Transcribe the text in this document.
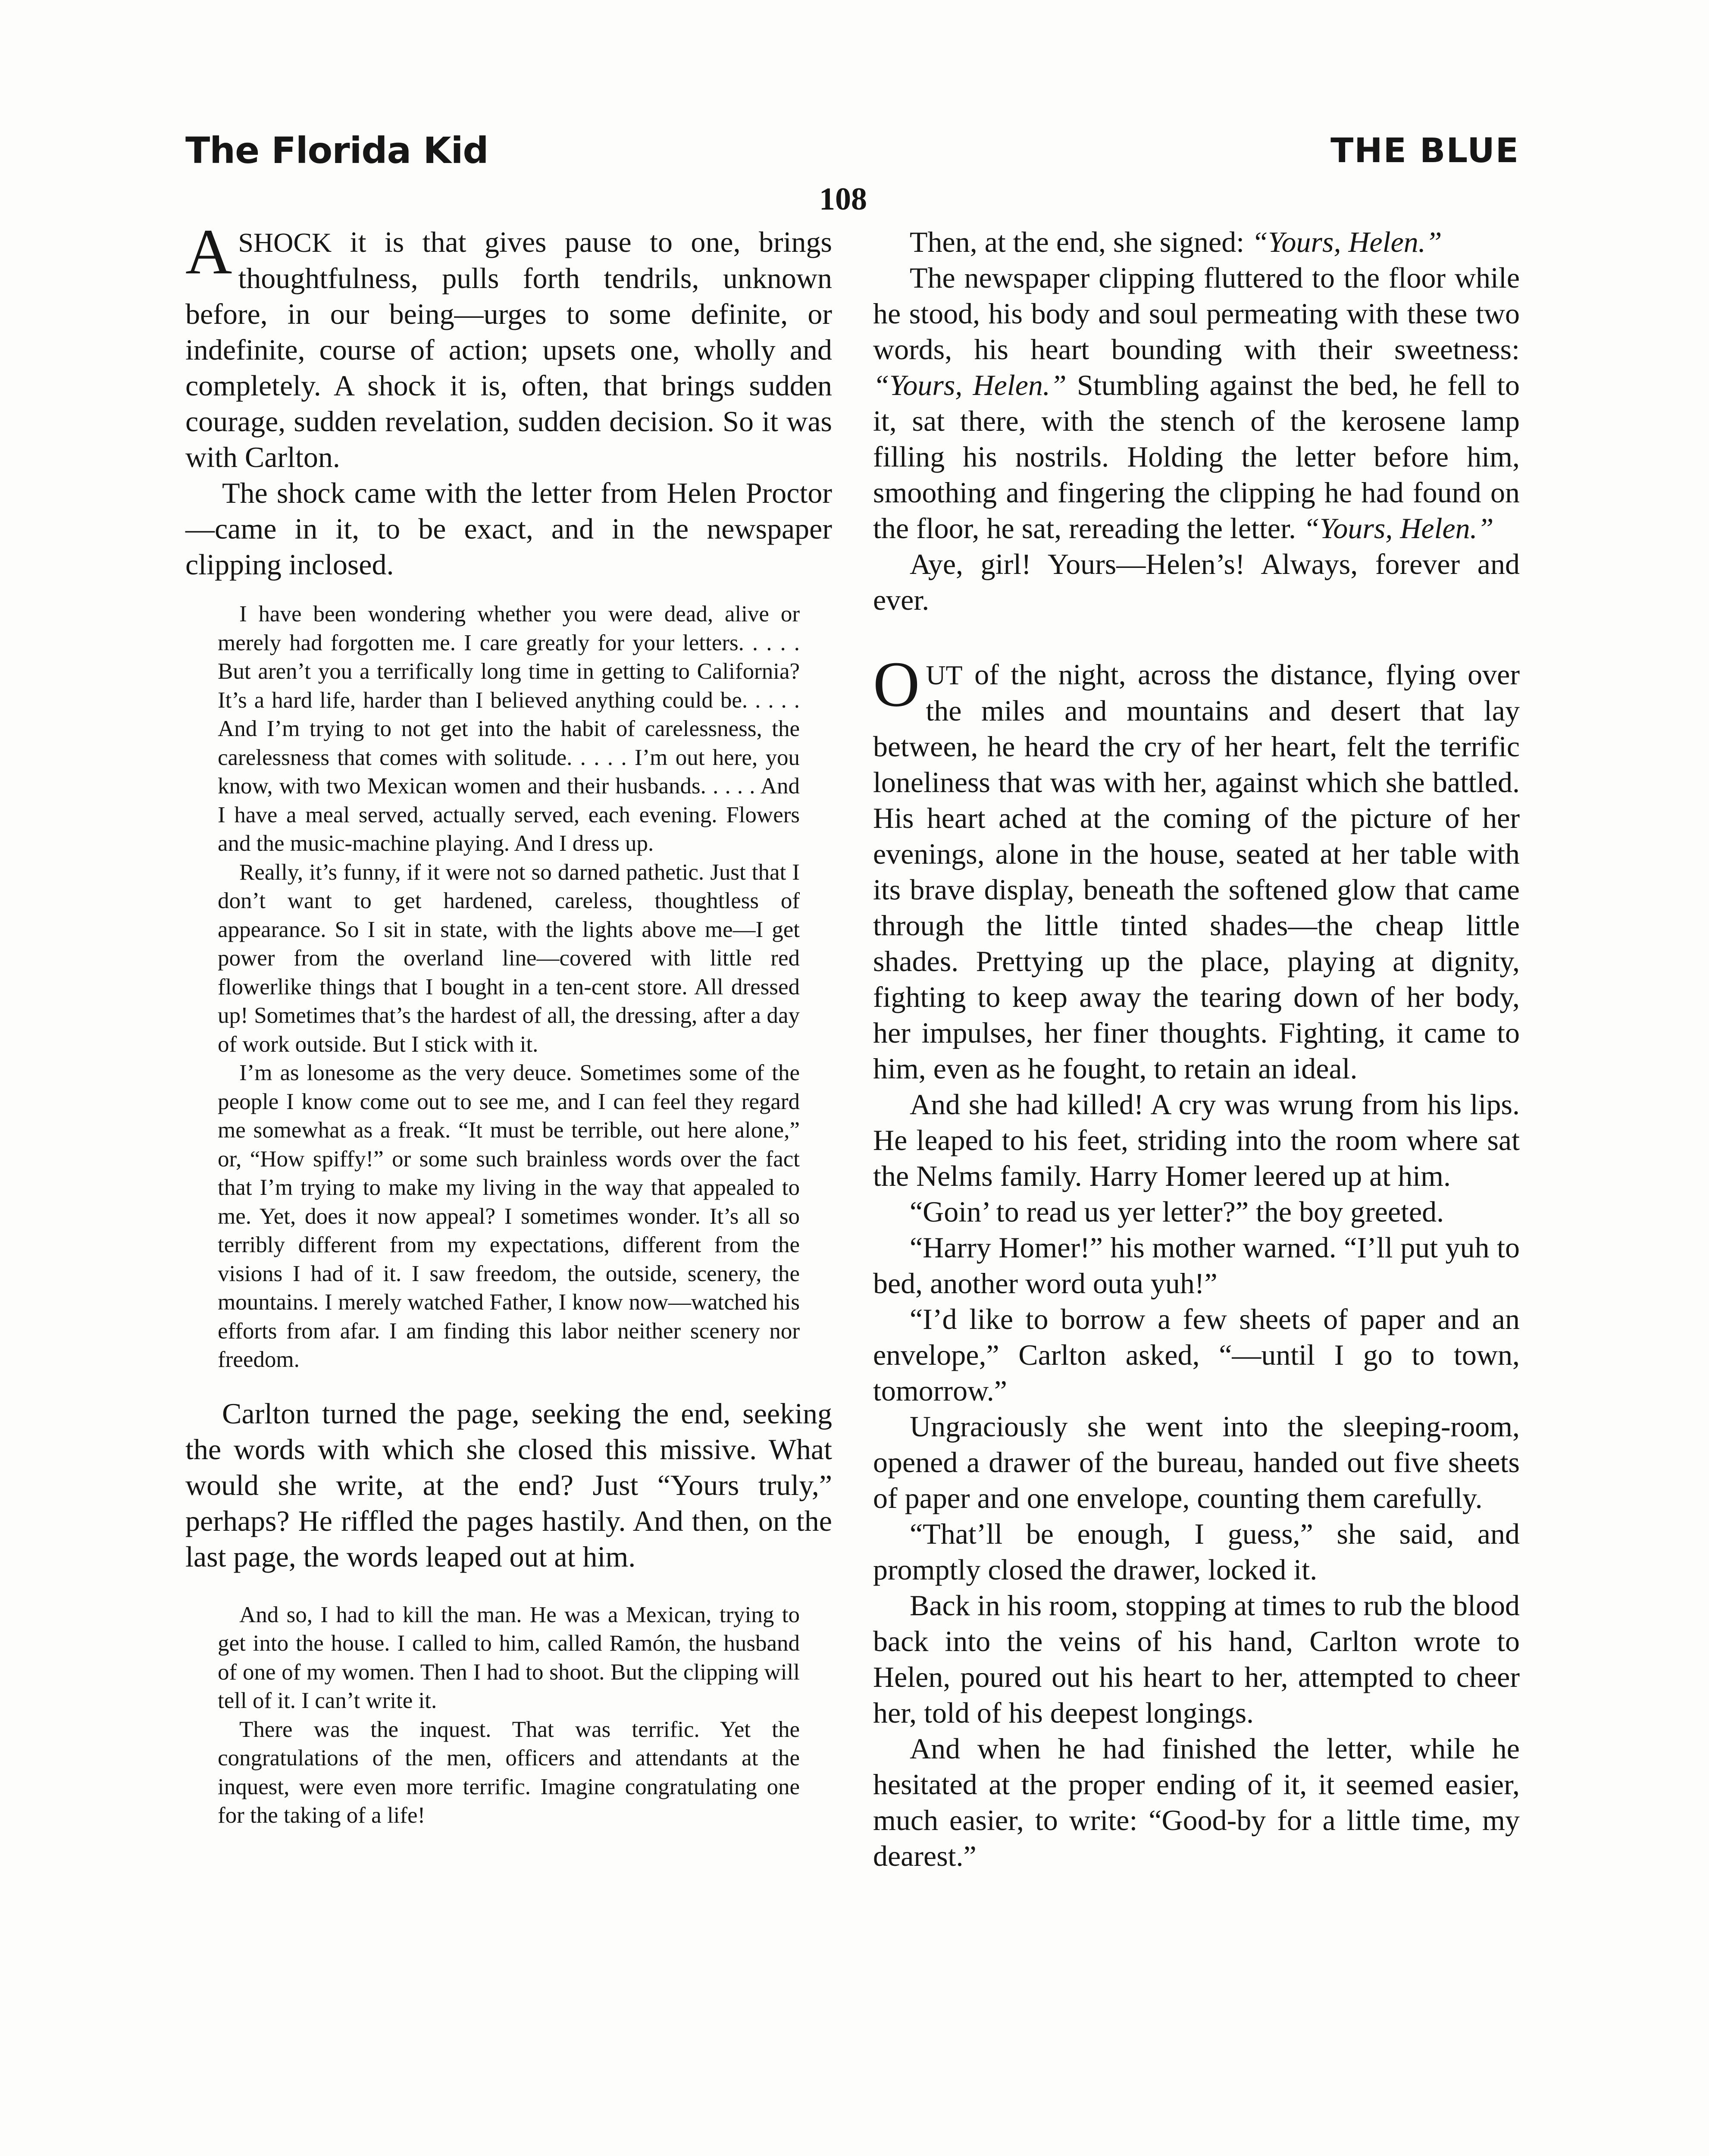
The Florida Kid	THE BLUE
108

A SHOCK it is that gives pause to one, brings thoughtfulness, pulls forth tendrils, unknown before, in our being—urges to some definite, or indefinite, course of action; upsets one, wholly and completely. A shock it is, often, that brings sudden courage, sudden revelation, sudden decision. So it was with Carlton.

The shock came with the letter from Helen Proctor—came in it, to be exact, and in the newspaper clipping inclosed.

I have been wondering whether you were dead, alive or merely had forgotten me. I care greatly for your letters. . . . . But aren’t you a terrifically long time in getting to California? It’s a hard life, harder than I believed anything could be. . . . . And I’m trying to not get into the habit of carelessness, the carelessness that comes with solitude. . . . . I’m out here, you know, with two Mexican women and their husbands. . . . . And I have a meal served, actually served, each evening. Flowers and the music-machine playing. And I dress up.
Really, it’s funny, if it were not so darned pathetic. Just that I don’t want to get hardened, careless, thoughtless of appearance. So I sit in state, with the lights above me—I get power from the overland line—covered with little red flowerlike things that I bought in a ten-cent store. All dressed up! Sometimes that’s the hardest of all, the dressing, after a day of work outside. But I stick with it.
I’m as lonesome as the very deuce. Sometimes some of the people I know come out to see me, and I can feel they regard me somewhat as a freak. “It must be terrible, out here alone,” or, “How spiffy!” or some such brainless words over the fact that I’m trying to make my living in the way that appealed to me. Yet, does it now appeal? I sometimes wonder. It’s all so terribly different from my expectations, different from the visions I had of it. I saw freedom, the outside, scenery, the mountains. I merely watched Father, I know now—watched his efforts from afar. I am finding this labor neither scenery nor freedom.

Carlton turned the page, seeking the end, seeking the words with which she closed this missive. What would she write, at the end? Just “Yours truly,” perhaps? He riffled the pages hastily. And then, on the last page, the words leaped out at him.

And so, I had to kill the man. He was a Mexican, trying to get into the house. I called to him, called Ramón, the husband of one of my women. Then I had to shoot. But the clipping will tell of it. I can’t write it.
There was the inquest. That was terrific. Yet the congratulations of the men, officers and attendants at the inquest, were even more terrific. Imagine congratulating one for the taking of a life!

Then, at the end, she signed: “Yours, Helen.”

The newspaper clipping fluttered to the floor while he stood, his body and soul permeating with these two words, his heart bounding with their sweetness: “Yours, Helen.” Stumbling against the bed, he fell to it, sat there, with the stench of the kerosene lamp filling his nostrils. Holding the letter before him, smoothing and fingering the clipping he had found on the floor, he sat, rereading the letter. “Yours, Helen.”

Aye, girl! Yours—Helen’s! Always, forever and ever.

OUT of the night, across the distance, flying over the miles and mountains and desert that lay between, he heard the cry of her heart, felt the terrific loneliness that was with her, against which she battled. His heart ached at the coming of the picture of her evenings, alone in the house, seated at her table with its brave display, beneath the softened glow that came through the little tinted shades—the cheap little shades. Prettying up the place, playing at dignity, fighting to keep away the tearing down of her body, her impulses, her finer thoughts. Fighting, it came to him, even as he fought, to retain an ideal.

And she had killed! A cry was wrung from his lips. He leaped to his feet, striding into the room where sat the Nelms family. Harry Homer leered up at him.

“Goin’ to read us yer letter?” the boy greeted.

“Harry Homer!” his mother warned. “I’ll put yuh to bed, another word outa yuh!”

“I’d like to borrow a few sheets of paper and an envelope,” Carlton asked, “—until I go to town, tomorrow.”

Ungraciously she went into the sleeping-room, opened a drawer of the bureau, handed out five sheets of paper and one envelope, counting them carefully.

“That’ll be enough, I guess,” she said, and promptly closed the drawer, locked it.

Back in his room, stopping at times to rub the blood back into the veins of his hand, Carlton wrote to Helen, poured out his heart to her, attempted to cheer her, told of his deepest longings.

And when he had finished the letter, while he hesitated at the proper ending of it, it seemed easier, much easier, to write: “Good-by for a little time, my dearest.”
